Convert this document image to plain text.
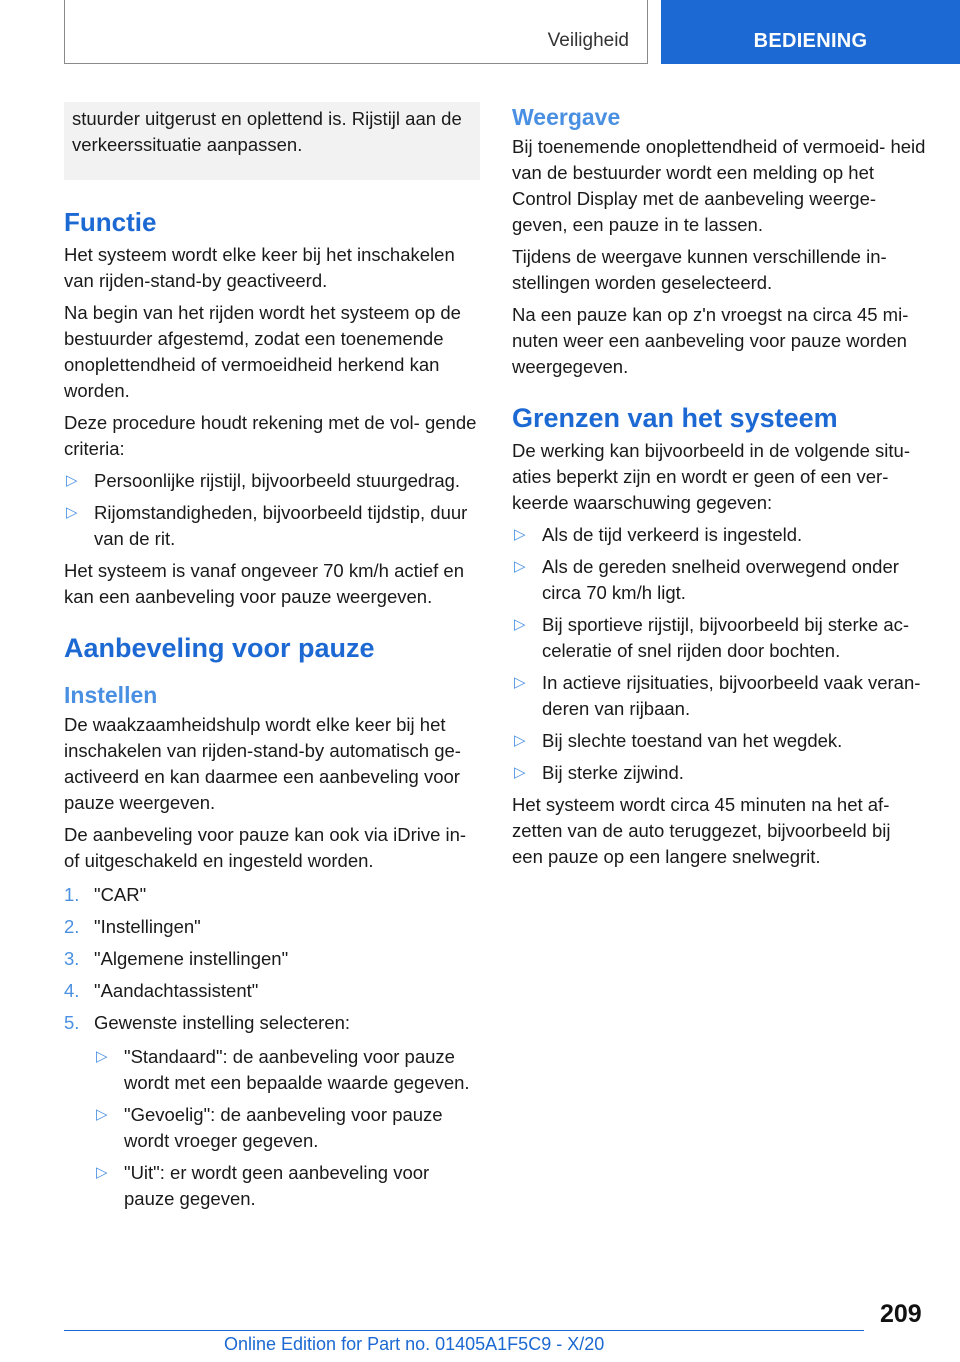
Veiligheid	BEDIENING
stuurder uitgerust en oplettend is. Rijstijl aan de verkeerssituatie aanpassen.
Functie

Het systeem wordt elke keer bij het inschakelen van rijden-stand-by geactiveerd.

Na begin van het rijden wordt het systeem op de bestuurder afgestemd, zodat een toenemende onoplettendheid of vermoeidheid herkend kan worden.

Deze procedure houdt rekening met de vol‐ gende criteria:

▷ Persoonlijke rijstijl, bijvoorbeeld stuurgedrag.
▷ Rijomstandigheden, bijvoorbeeld tijdstip, duur van de rit.

Het systeem is vanaf ongeveer 70 km/h actief en kan een aanbeveling voor pauze weergeven.

Aanbeveling voor pauze
Instellen

De waakzaamheidshulp wordt elke keer bij het inschakelen van rijden-stand-by automatisch ge‐ activeerd en kan daarmee een aanbeveling voor pauze weergeven.

De aanbeveling voor pauze kan ook via iDrive in- of uitgeschakeld en ingesteld worden.

1. "CAR"
2. "Instellingen"
3. "Algemene instellingen"
4. "Aandachtassistent"
5. Gewenste instelling selecteren:
▷ "Standaard": de aanbeveling voor pauze wordt met een bepaalde waarde gegeven.
▷ "Gevoelig": de aanbeveling voor pauze wordt vroeger gegeven.
▷ "Uit": er wordt geen aanbeveling voor pauze gegeven.
Weergave

Bij toenemende onoplettendheid of vermoeid‐ heid van de bestuurder wordt een melding op het Control Display met de aanbeveling weerge‐ geven, een pauze in te lassen.

Tijdens de weergave kunnen verschillende in‐ stellingen worden geselecteerd.

Na een pauze kan op z'n vroegst na circa 45 mi‐ nuten weer een aanbeveling voor pauze worden weergegeven.

Grenzen van het systeem

De werking kan bijvoorbeeld in de volgende situ‐ aties beperkt zijn en wordt er geen of een ver‐ keerde waarschuwing gegeven:

▷ Als de tijd verkeerd is ingesteld.
▷ Als de gereden snelheid overwegend onder circa 70 km/h ligt.
▷ Bij sportieve rijstijl, bijvoorbeeld bij sterke ac‐ celeratie of snel rijden door bochten.
▷ In actieve rijsituaties, bijvoorbeeld vaak veran‐ deren van rijbaan.
▷ Bij slechte toestand van het wegdek.
▷ Bij sterke zijwind.

Het systeem wordt circa 45 minuten na het af‐ zetten van de auto teruggezet, bijvoorbeeld bij een pauze op een langere snelwegrit.

209
Online Edition for Part no. 01405A1F5C9 - X/20
